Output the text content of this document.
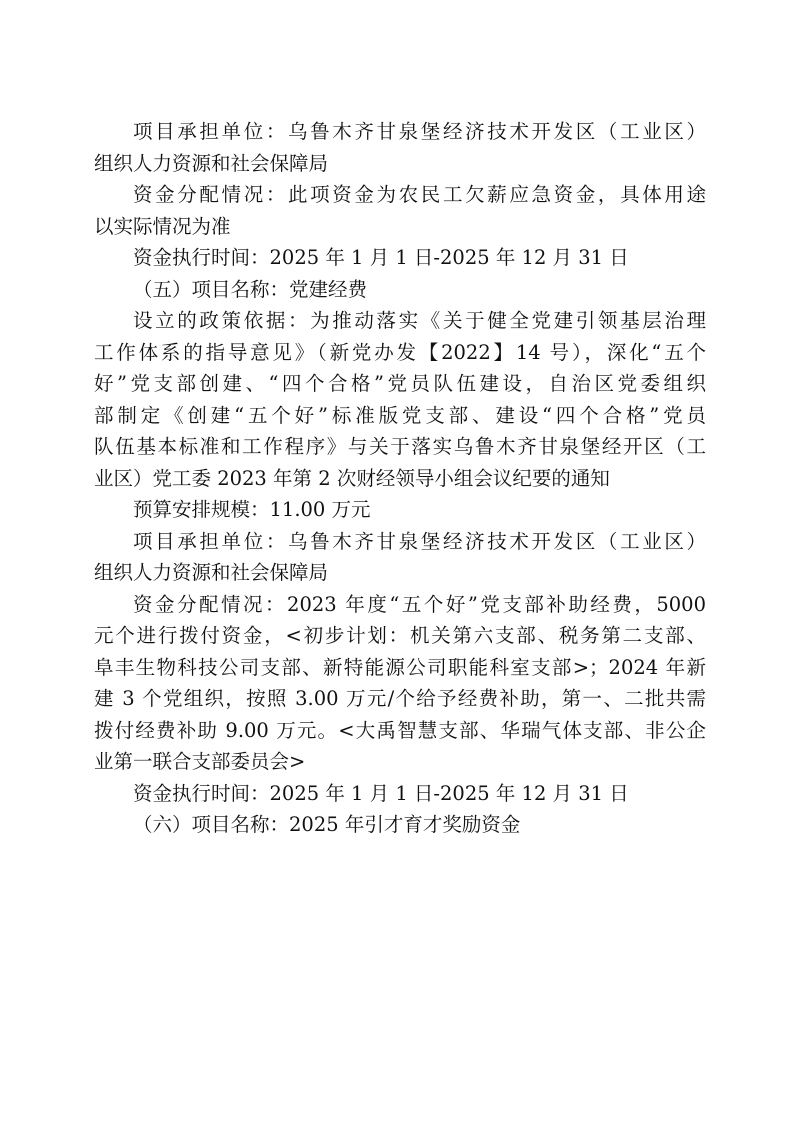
项目承担单位：乌鲁木齐甘泉堡经济技术开发区（工业区）
组织人力资源和社会保障局
资金分配情况：此项资金为农民工欠薪应急资金，具体用途
以实际情况为准
资金执行时间：2025 年 1 月 1 日-2025 年 12 月 31 日
（五）项目名称：党建经费
设立的政策依据：为推动落实《关于健全党建引领基层治理
工作体系的指导意见》（新党办发【2022】14 号），深化“五个
好”党支部创建、“四个合格”党员队伍建设，自治区党委组织
部制定《创建“五个好”标准版党支部、建设“四个合格”党员
队伍基本标准和工作程序》与关于落实乌鲁木齐甘泉堡经开区（工
业区）党工委 2023 年第 2 次财经领导小组会议纪要的通知
预算安排规模：11.00 万元
项目承担单位：乌鲁木齐甘泉堡经济技术开发区（工业区）
组织人力资源和社会保障局
资金分配情况：2023 年度“五个好”党支部补助经费，5000
元个进行拨付资金，<初步计划：机关第六支部、税务第二支部、
阜丰生物科技公司支部、新特能源公司职能科室支部>；2024 年新
建 3 个党组织，按照 3.00 万元/个给予经费补助，第一、二批共需
拨付经费补助 9.00 万元。<大禹智慧支部、华瑞气体支部、非公企
业第一联合支部委员会>
资金执行时间：2025 年 1 月 1 日-2025 年 12 月 31 日
（六）项目名称：2025 年引才育才奖励资金
